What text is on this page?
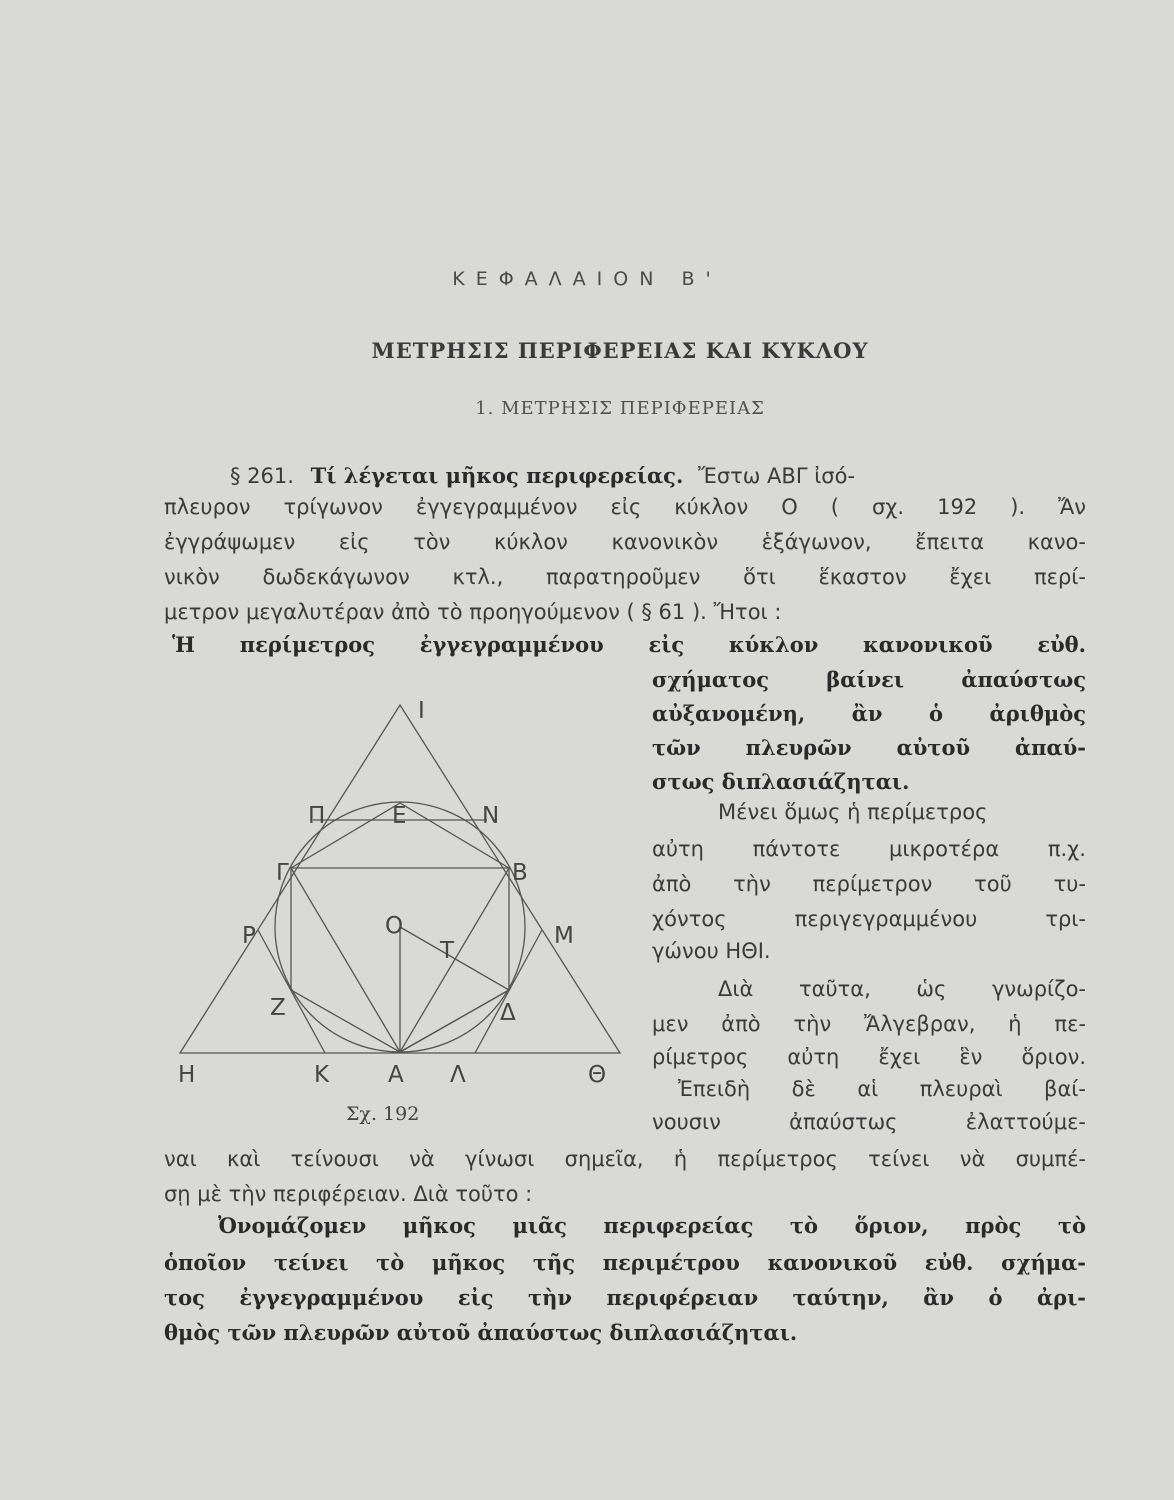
ΚΕΦΑΛΑΙΟΝ Β'
ΜΕΤΡΗΣΙΣ ΠΕΡΙΦΕΡΕΙΑΣ ΚΑΙ ΚΥΚΛΟΥ
1. ΜΕΤΡΗΣΙΣ ΠΕΡΙΦΕΡΕΙΑΣ
§ 261. Τί λέγεται μῆκος περιφερείας. Ἔστω ΑΒΓ ἰσό-
πλευρον τρίγωνον ἐγγεγραμμένον εἰς κύκλον Ο ( σχ. 192 ). Ἄν
ἐγγράψωμεν εἰς τὸν κύκλον κανονικὸν ἑξάγωνον, ἔπειτα κανο-
νικὸν δωδεκάγωνον κτλ., παρατηροῦμεν ὅτι ἕκαστον ἔχει περί-
μετρον μεγαλυτέραν ἀπὸ τὸ προηγούμενον ( § 61 ). Ἤτοι :
Ἡ περίμετρος ἐγγεγραμμένου εἰς κύκλον κανονικοῦ εὐθ.
σχήματος βαίνει ἀπαύστως
αὐξανομένη, ἂν ὁ ἀριθμὸς
τῶν πλευρῶν αὐτοῦ ἀπαύ-
στως διπλασιάζηται.
Μένει ὅμως ἡ περίμετρος
αὐτη πάντοτε μικροτέρα π.χ.
ἀπὸ τὴν περίμετρον τοῦ τυ-
χόντος περιγεγραμμένου τρι-
γώνου ΗΘΙ.
Διὰ ταῦτα, ὡς γνωρίζο-
μεν ἀπὸ τὴν Ἄλγεβραν, ἡ πε-
ρίμετρος αὐτη ἔχει ἓν ὅριον.
Ἐπειδὴ δὲ αἱ πλευραὶ βαί-
νουσιν ἀπαύστως ἐλαττούμε-
Ι
Π	Ε	Ν
Γ	Β
Ρ	Ο
Τ
Μ
Ζ	Δ
Η	Κ	Α Λ	Θ
Σχ. 192
ναι καὶ τείνουσι νὰ γίνωσι σημεῖα, ἡ περίμετρος τείνει νὰ συμπέ-
σῃ μὲ τὴν περιφέρειαν. Διὰ τοῦτο :
Ὀνομάζομεν μῆκος μιᾶς περιφερείας τὸ ὅριον, πρὸς τὸ
ὁποῖον τείνει τὸ μῆκος τῆς περιμέτρου κανονικοῦ εὐθ. σχήμα-
τος ἐγγεγραμμένου εἰς τὴν περιφέρειαν ταύτην, ἂν ὁ ἀρι-
θμὸς τῶν πλευρῶν αὐτοῦ ἀπαύστως διπλασιάζηται.
